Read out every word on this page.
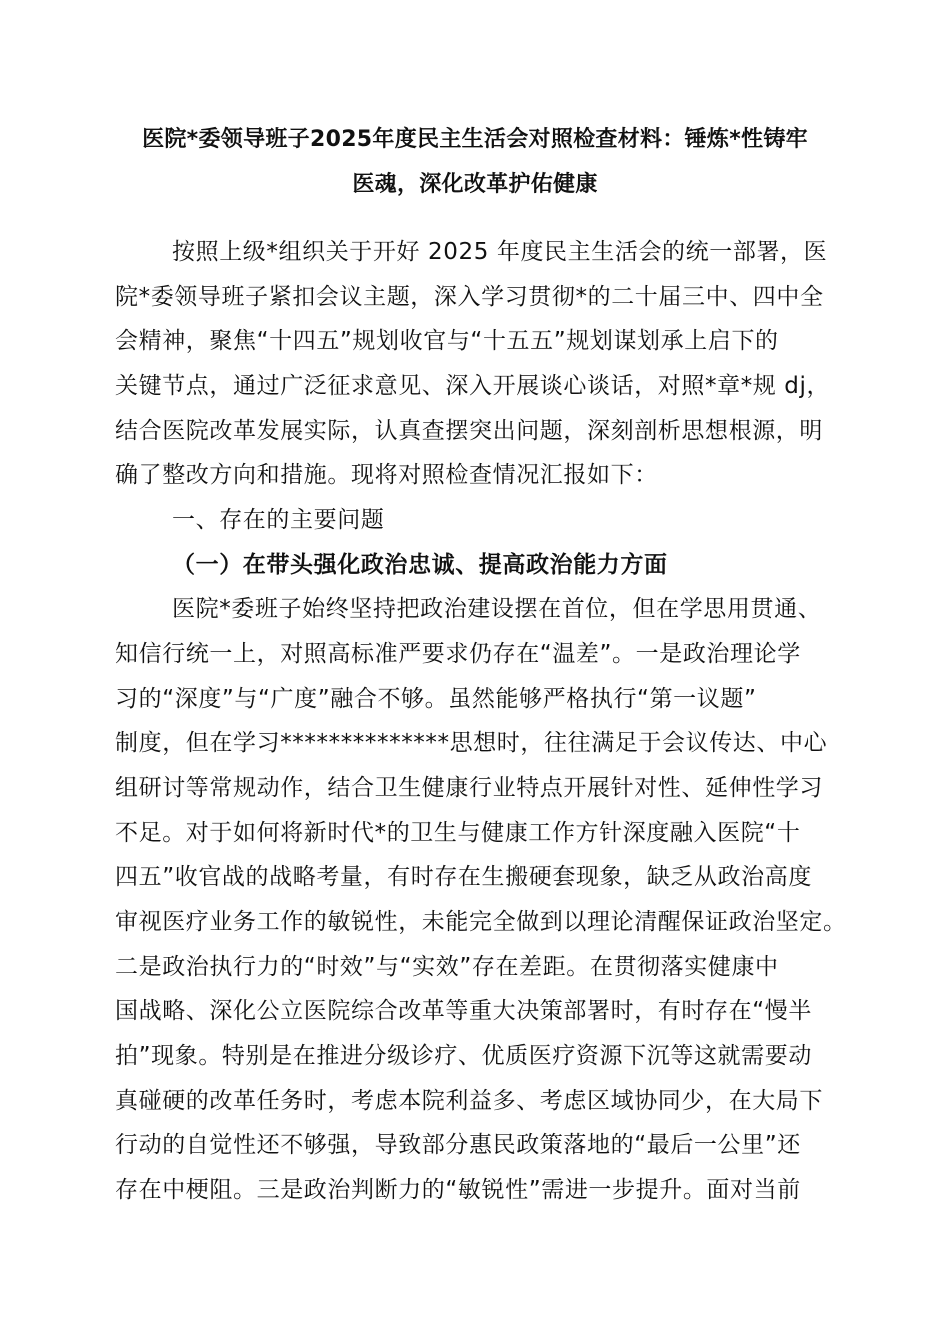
医院*委领导班子2025年度民主生活会对照检查材料：锤炼*性铸牢
医魂，深化改革护佑健康
按照上级*组织关于开好 2025 年度民主生活会的统一部署，医
院*委领导班子紧扣会议主题，深入学习贯彻*的二十届三中、四中全
会精神，聚焦“十四五”规划收官与“十五五”规划谋划承上启下的
关键节点，通过广泛征求意见、深入开展谈心谈话，对照*章*规 dj，
结合医院改革发展实际，认真查摆突出问题，深刻剖析思想根源，明
确了整改方向和措施。现将对照检查情况汇报如下：
一、存在的主要问题
（一）在带头强化政治忠诚、提高政治能力方面
医院*委班子始终坚持把政治建设摆在首位，但在学思用贯通、
知信行统一上，对照高标准严要求仍存在“温差”。一是政治理论学
习的“深度”与“广度”融合不够。虽然能够严格执行“第一议题”
制度，但在学习**************思想时，往往满足于会议传达、中心
组研讨等常规动作，结合卫生健康行业特点开展针对性、延伸性学习
不足。对于如何将新时代*的卫生与健康工作方针深度融入医院“十
四五”收官战的战略考量，有时存在生搬硬套现象，缺乏从政治高度
审视医疗业务工作的敏锐性，未能完全做到以理论清醒保证政治坚定。
二是政治执行力的“时效”与“实效”存在差距。在贯彻落实健康中
国战略、深化公立医院综合改革等重大决策部署时，有时存在“慢半
拍”现象。特别是在推进分级诊疗、优质医疗资源下沉等这就需要动
真碰硬的改革任务时，考虑本院利益多、考虑区域协同少，在大局下
行动的自觉性还不够强，导致部分惠民政策落地的“最后一公里”还
存在中梗阻。三是政治判断力的“敏锐性”需进一步提升。面对当前
